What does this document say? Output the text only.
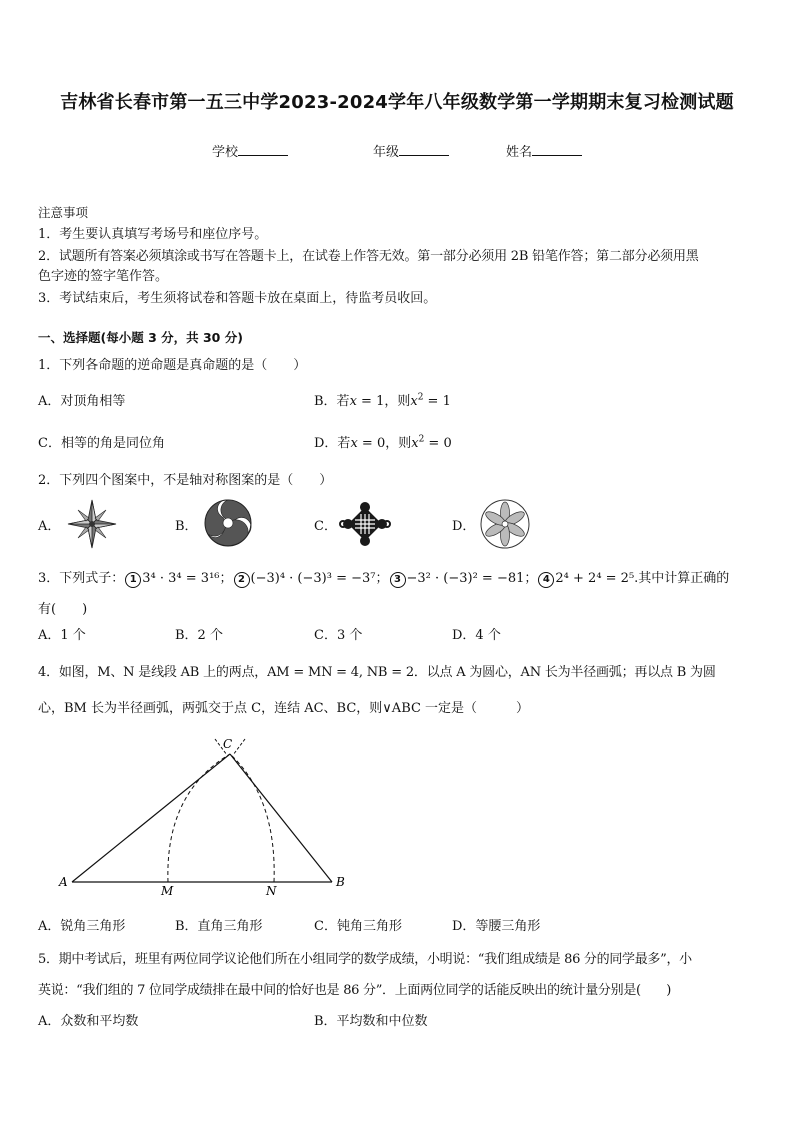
吉林省长春市第一五三中学2023-2024学年八年级数学第一学期期末复习检测试题
学校	年级	姓名
注意事项
1．考生要认真填写考场号和座位序号。
2．试题所有答案必须填涂或书写在答题卡上，在试卷上作答无效。第一部分必须用 2B 铅笔作答；第二部分必须用黑
色字迹的签字笔作答。
3．考试结束后，考生须将试卷和答题卡放在桌面上，待监考员收回。
一、选择题(每小题 3 分，共 30 分)
1．下列各命题的逆命题是真命题的是（　　）
A．对顶角相等	B．若x = 1，则$x^2 = 1$
C．相等的角是同位角	D．若x = 0，则$x^2 = 0$
2．下列四个图案中，不是轴对称图案的是（　　）
A．	B．	C．	D．
3．下列式子： 1 3⁴ · 3⁴ = 3¹⁶； 2 (−3)⁴ · (−3)³ = −3⁷； 3 −3² · (−3)² = −81； 4 2⁴ + 2⁴ = 2⁵.其中计算正确的
有(　　)
A．1 个	B．2 个	C．3 个	D．4 个
4．如图，M、N 是线段 AB 上的两点，AM = MN = 4, NB = 2．以点 A 为圆心，AN 长为半径画弧；再以点 B 为圆
心，BM 长为半径画弧，两弧交于点 C，连结 AC、BC，则∨ABC 一定是（　　　）
A	B
C
M	N
A．锐角三角形	B．直角三角形	C．钝角三角形	D．等腰三角形
5．期中考试后，班里有两位同学议论他们所在小组同学的数学成绩，小明说：“我们组成绩是 86 分的同学最多”，小
英说：“我们组的 7 位同学成绩排在最中间的恰好也是 86 分”．上面两位同学的话能反映出的统计量分别是(　　)
A．众数和平均数	B．平均数和中位数
